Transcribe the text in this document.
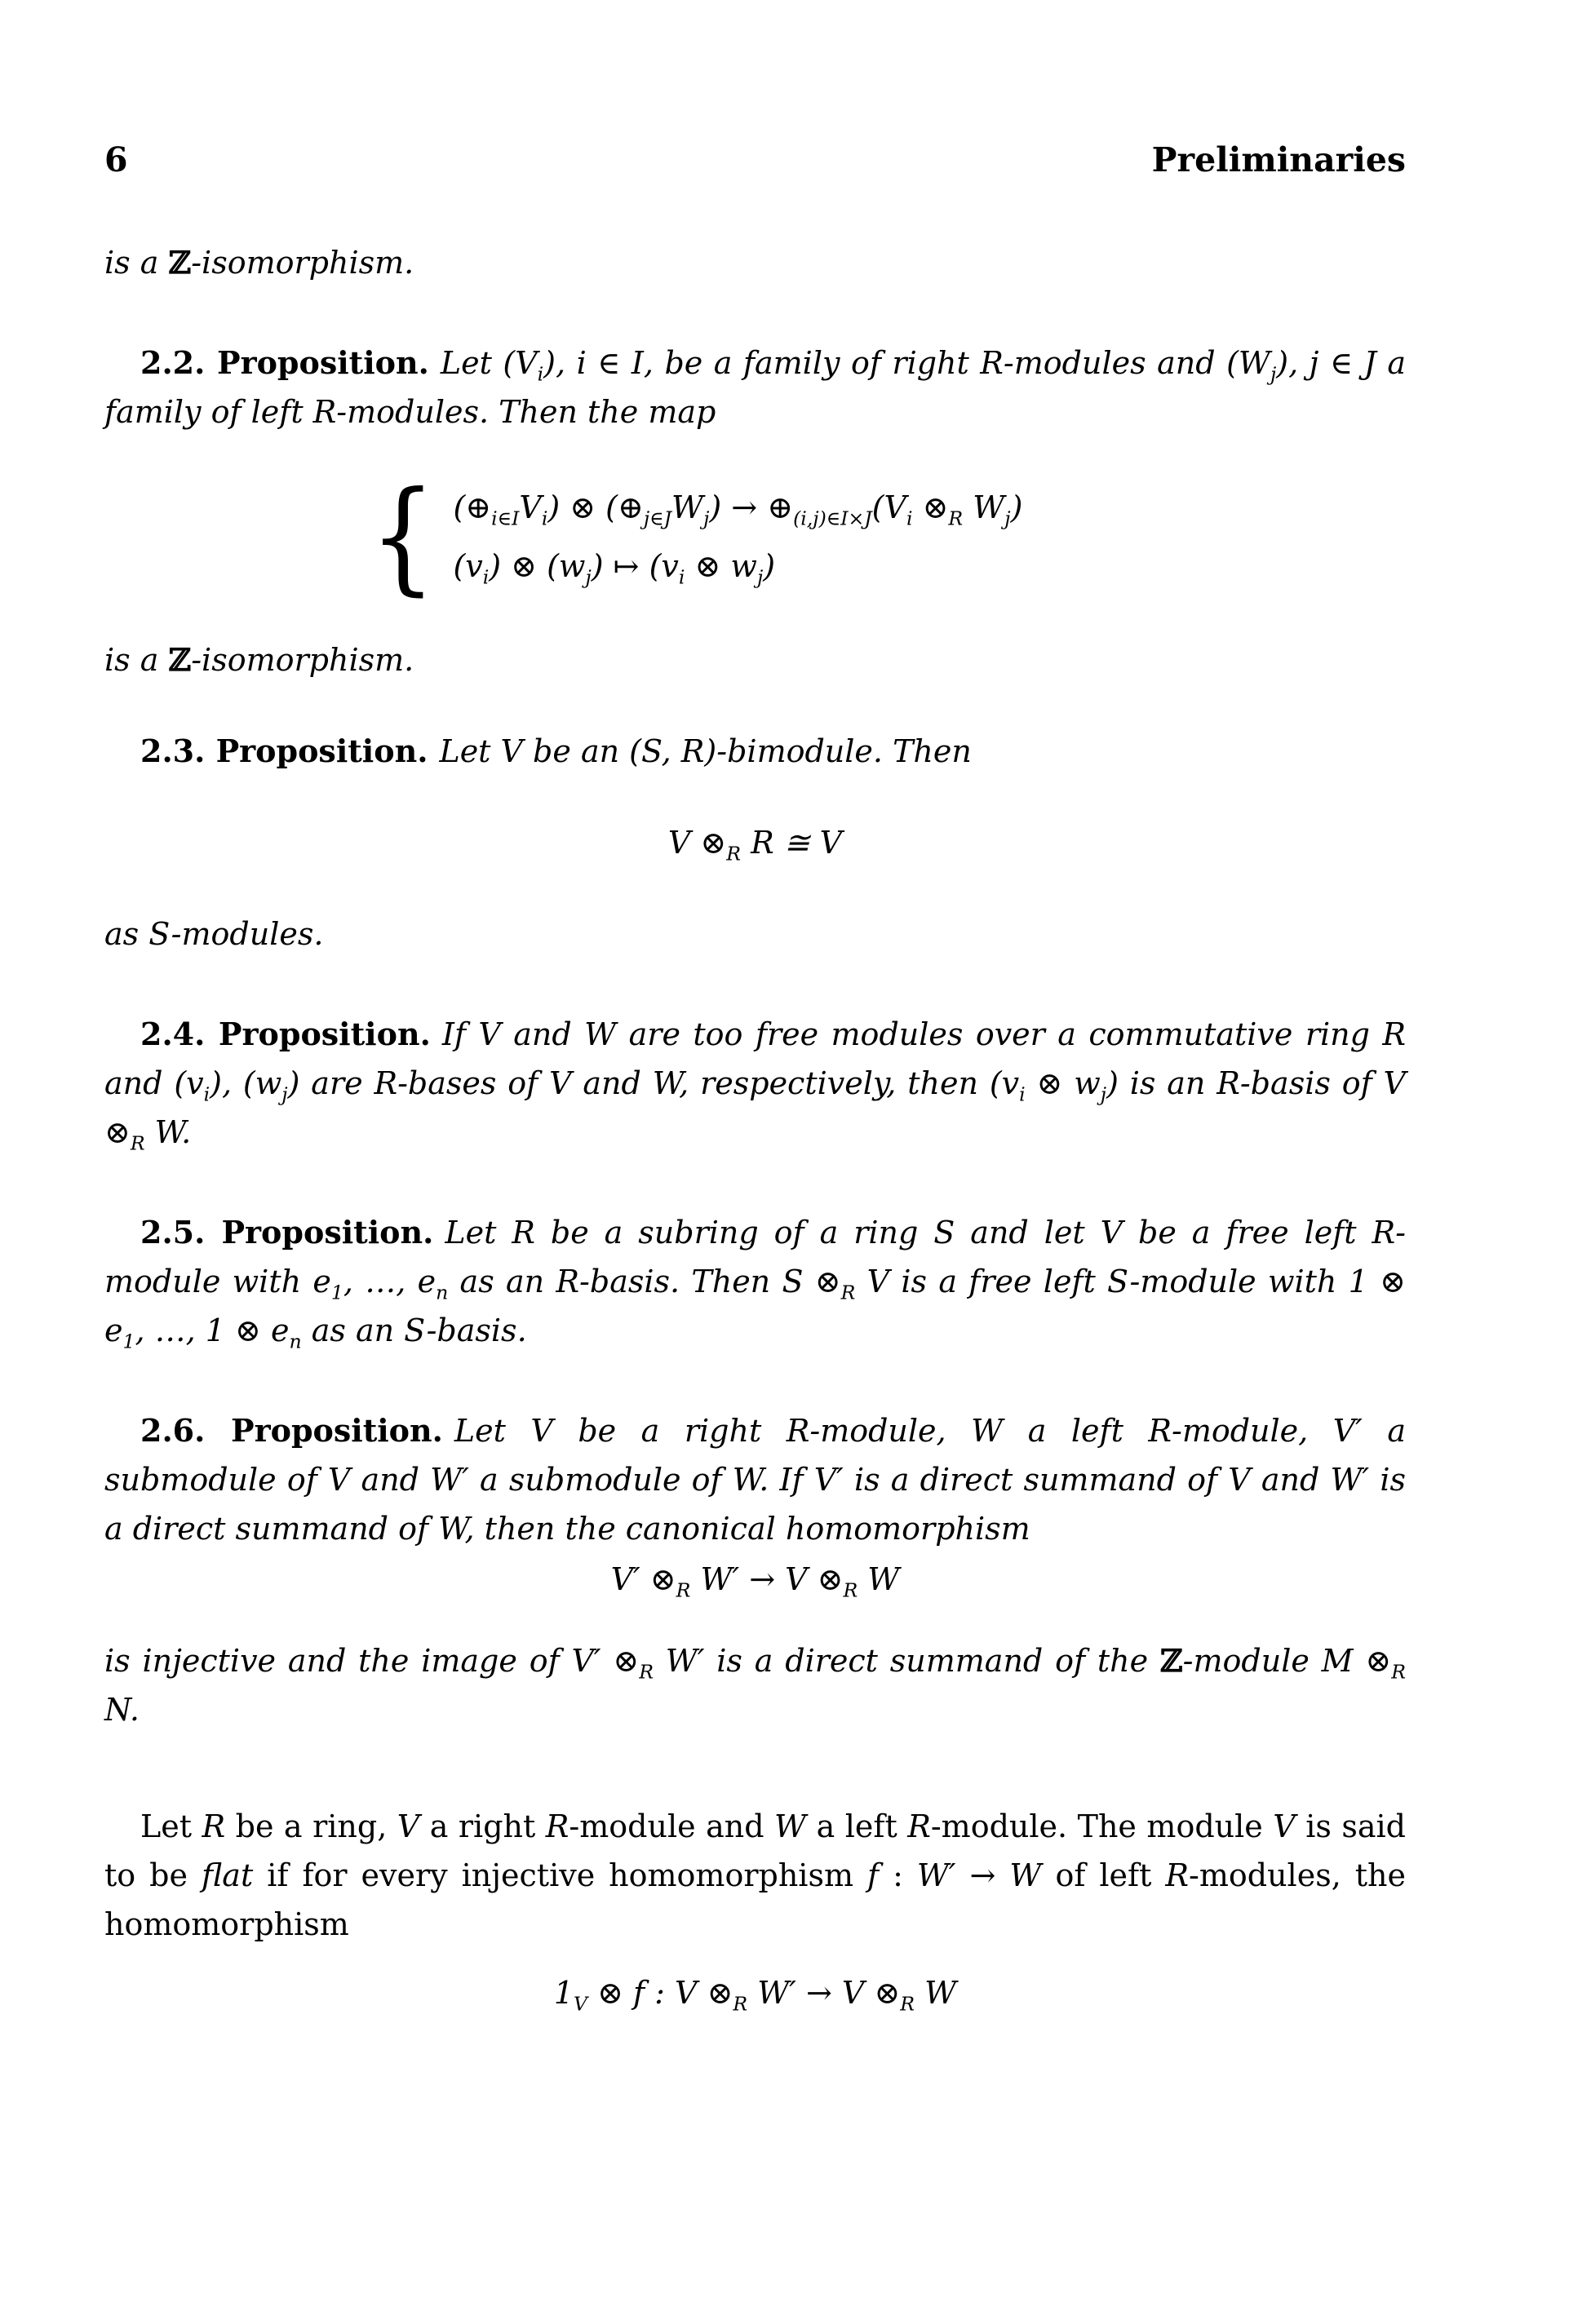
6	Preliminaries
is a ℤ-isomorphism.
2.2. Proposition. Let $(V_i)$, i ∈ I, be a family of right R-modules and $(W_j)$, j ∈ J a family of left R-modules. Then the map
{ $(\oplus_{i\in I}V_i)$ ⊗ $(\oplus_{j\in J}W_j)$ → $\oplus_{(i,j)\in I\times J}(V_i$ $\otimes_R$ $W_j$)
$(v_i)$ ⊗ $(w_j)$ ↦ ($v_i$ ⊗ $w_j$)
is a ℤ-isomorphism.
2.3. Proposition. Let V be an (S, R)-bimodule. Then
V $\otimes_R$ R ≅ V
as S-modules.
2.4. Proposition. If V and W are too free modules over a commutative ring R and $(v_i)$, $(w_j)$ are R-bases of V and W, respectively, then ($v_i$ ⊗ $w_j$) is an R-basis of V $\otimes_R$ W.
2.5. Proposition. Let R be a subring of a ring S and let V be a free left R-module with $e_1$, …, $e_n$ as an R-basis. Then S $\otimes_R$ V is a free left S-module with 1 ⊗ $e_1$, …, 1 ⊗ $e_n$ as an S-basis.
2.6. Proposition. Let V be a right R-module, W a left R-module, V′ a submodule of V and W′ a submodule of W. If V′ is a direct summand of V and W′ is a direct summand of W, then the canonical homomorphism
V′ $\otimes_R$ W′ → V $\otimes_R$ W
is injective and the image of V′ $\otimes_R$ W′ is a direct summand of the ℤ-module M $\otimes_R$ N.
Let R be a ring, V a right R-module and W a left R-module. The module V is said to be flat if for every injective homomorphism f : W′ → W of left R-modules, the homomorphism
$1_V$ ⊗ f : V $\otimes_R$ W′ → V $\otimes_R$ W
